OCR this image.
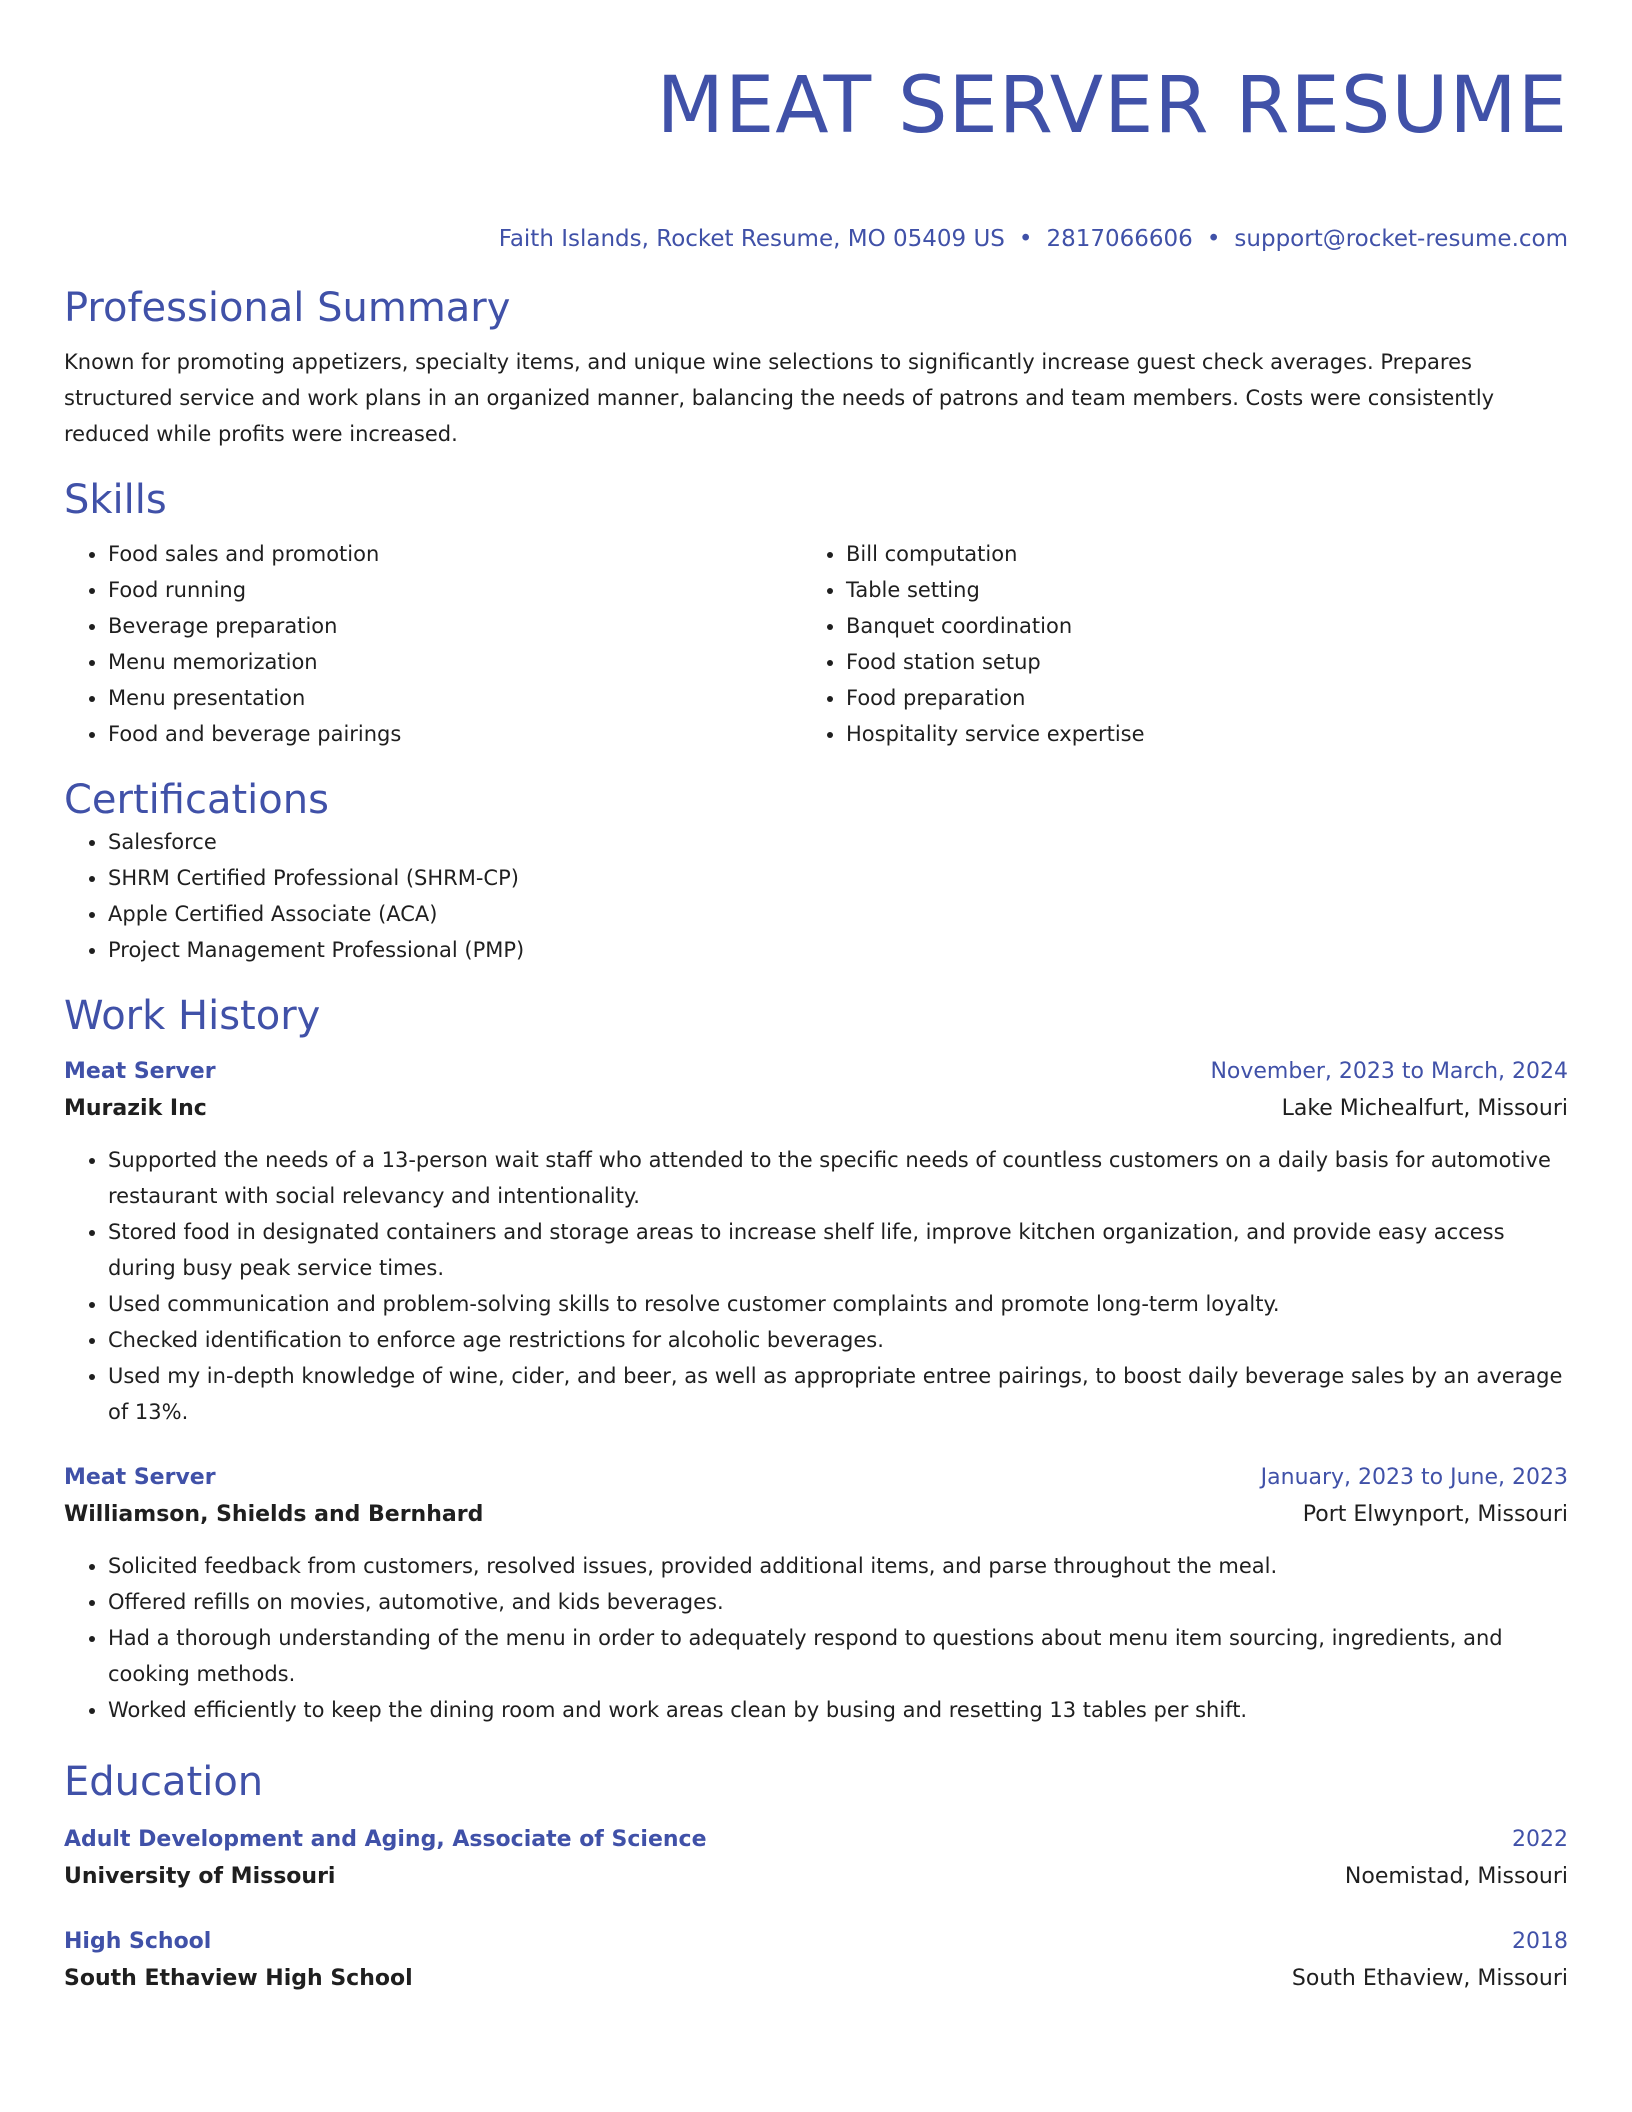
MEAT SERVER RESUME
Faith Islands, Rocket Resume, MO 05409 US • 2817066606 • support@rocket-resume.com
Professional Summary

Known for promoting appetizers, specialty items, and unique wine selections to significantly increase guest check averages. Prepares structured service and work plans in an organized manner, balancing the needs of patrons and team members. Costs were consistently reduced while profits were increased.

Skills
• Food sales and promotion
• Food running
• Beverage preparation
• Menu memorization
• Menu presentation
• Food and beverage pairings
• Bill computation
• Table setting
• Banquet coordination
• Food station setup
• Food preparation
• Hospitality service expertise
Certifications
• Salesforce
• SHRM Certified Professional (SHRM-CP)
• Apple Certified Associate (ACA)
• Project Management Professional (PMP)
Work History
Meat Server	November, 2023 to March, 2024
Murazik Inc	Lake Michealfurt, Missouri
• Supported the needs of a 13-person wait staff who attended to the specific needs of countless customers on a daily basis for automotive restaurant with social relevancy and intentionality.
• Stored food in designated containers and storage areas to increase shelf life, improve kitchen organization, and provide easy access during busy peak service times.
• Used communication and problem-solving skills to resolve customer complaints and promote long-term loyalty.
• Checked identification to enforce age restrictions for alcoholic beverages.
• Used my in-depth knowledge of wine, cider, and beer, as well as appropriate entree pairings, to boost daily beverage sales by an average of 13%.
Meat Server	January, 2023 to June, 2023
Williamson, Shields and Bernhard	Port Elwynport, Missouri
• Solicited feedback from customers, resolved issues, provided additional items, and parse throughout the meal.
• Offered refills on movies, automotive, and kids beverages.
• Had a thorough understanding of the menu in order to adequately respond to questions about menu item sourcing, ingredients, and cooking methods.
• Worked efficiently to keep the dining room and work areas clean by busing and resetting 13 tables per shift.
Education
Adult Development and Aging, Associate of Science	2022
University of Missouri	Noemistad, Missouri
High School	2018
South Ethaview High School	South Ethaview, Missouri
